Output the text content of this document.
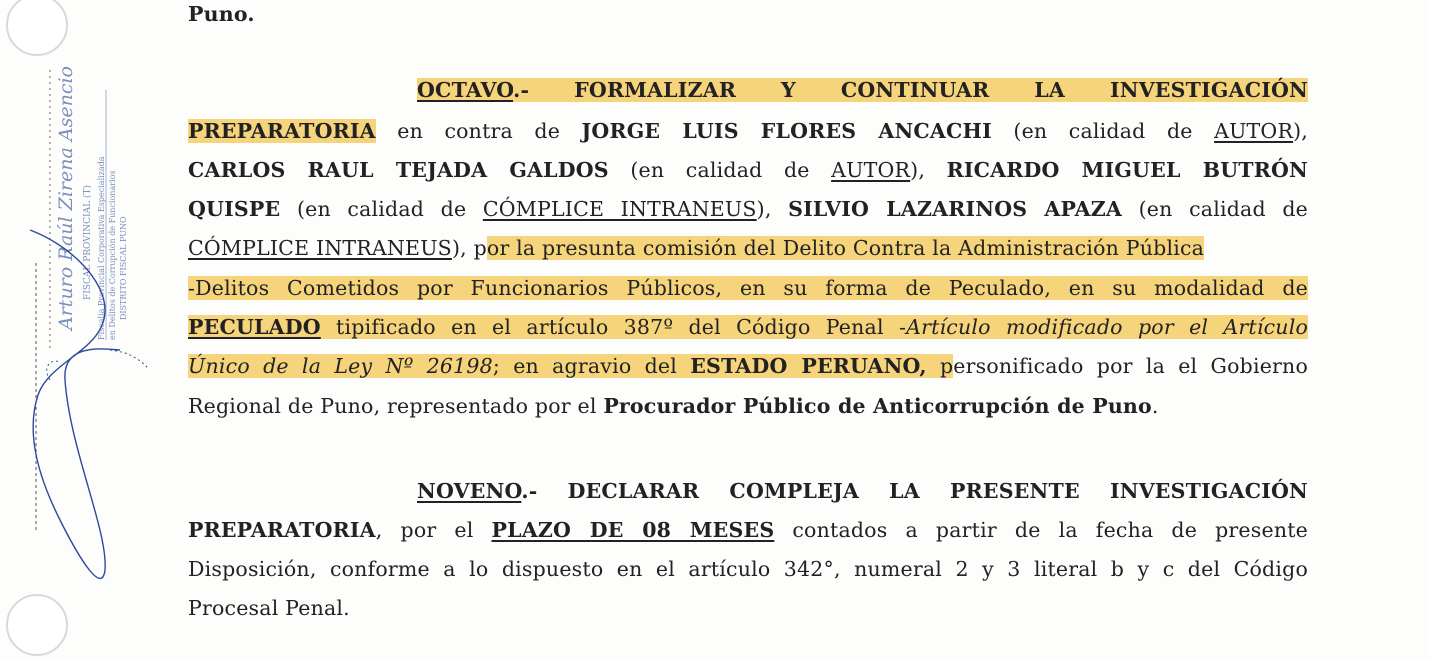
Arturo Raúl Zirena Asencio FISCAL PROVINCIAL (T) Fiscalía Provincial Corporativa Especializada en Delitos de Corrupción de Funcionarios DISTRITO FISCAL PUNO
Puno.
OCTAVO.- FORMALIZAR Y CONTINUAR LA INVESTIGACIÓN
PREPARATORIA en contra de JORGE LUIS FLORES ANCACHI (en calidad de AUTOR),
CARLOS RAUL TEJADA GALDOS (en calidad de AUTOR), RICARDO MIGUEL BUTRÓN
QUISPE (en calidad de CÓMPLICE INTRANEUS), SILVIO LAZARINOS APAZA (en calidad de
CÓMPLICE INTRANEUS), por la presunta comisión del Delito Contra la Administración Pública
-Delitos Cometidos por Funcionarios Públicos, en su forma de Peculado, en su modalidad de
PECULADO tipificado en el artículo 387º del Código Penal -Artículo modificado por el Artículo
Único de la Ley Nº 26198; en agravio del ESTADO PERUANO, personificado por la el Gobierno
Regional de Puno, representado por el Procurador Público de Anticorrupción de Puno.
NOVENO.- DECLARAR COMPLEJA LA PRESENTE INVESTIGACIÓN
PREPARATORIA, por el PLAZO DE 08 MESES contados a partir de la fecha de presente
Disposición, conforme a lo dispuesto en el artículo 342°, numeral 2 y 3 literal b y c del Código
Procesal Penal.
